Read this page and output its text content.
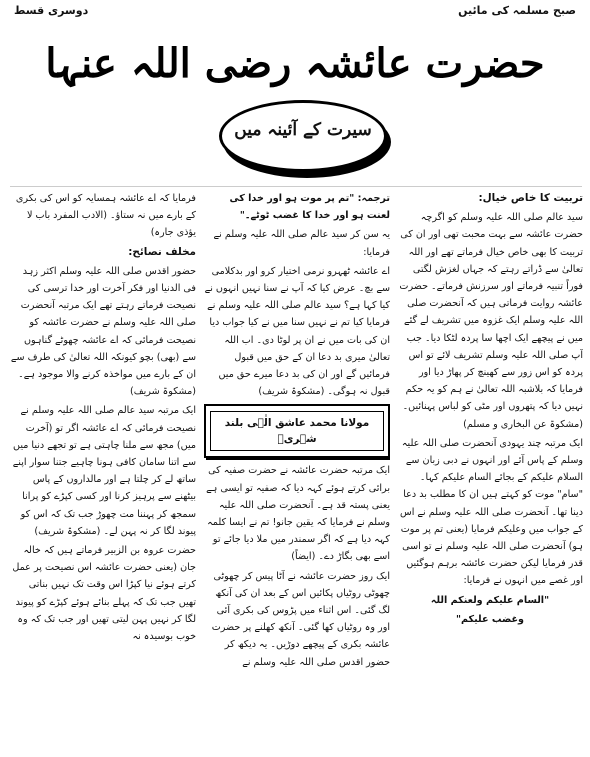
صبح مسلمہ کی مائیں
دوسری قسط
حضرت عائشہ رضی اللہ عنہا
سیرت کے آئینہ میں
تربیت کا خاص خیال:

سید عالم صلی اللہ علیہ وسلم کو اگرچہ حضرت عائشہ سے بہت محبت تھی اور ان کی تربیت کا بھی خاص خیال فرماتے تھے اور اللہ تعالیٰ سے ڈراتے رہتے کہ جہاں لغزش لگتی فوراً تنبیہ فرماتے اور سرزنش فرماتے۔ حضرت عائشہ روایت فرماتی ہیں کہ آنحضرت صلی اللہ علیہ وسلم ایک غزوہ میں تشریف لے گئے میں نے پیچھے ایک اچھا سا پردہ لٹکا دیا۔ جب آپ صلی اللہ علیہ وسلم تشریف لائے تو اس پردہ کو اس زور سے کھینچ کر پھاڑ دیا اور فرمایا کہ بلاشبہ اللہ تعالیٰ نے ہم کو یہ حکم نہیں دیا کہ پتھروں اور مٹی کو لباس پہنائیں۔ (مشکوۃ عن البخاری و مسلم)

ایک مرتبہ چند یہودی آنحضرت صلی اللہ علیہ وسلم کے پاس آئے اور انہوں نے دبی زبان سے السلام علیکم کے بجائے السام علیکم کہا۔ "سام" موت کو کہتے ہیں ان کا مطلب بد دعا دینا تھا۔ آنحضرت صلی اللہ علیہ وسلم نے اس کے جواب میں وعلیکم فرمایا (یعنی تم پر موت ہو) آنحضرت صلی اللہ علیہ وسلم نے تو اسی قدر فرمایا لیکن حضرت عائشہ برہم ہوگئیں اور غصے میں انہوں نے فرمایا:

"السام علیکم ولعنکم اللہ

وغضب علیکم"

ترجمہ: "تم پر موت ہو اور خدا کی لعنت ہو اور خدا کا غضب ٹوٹے۔"

یہ سن کر سید عالم صلی اللہ علیہ وسلم نے فرمایا:

اے عائشہ ٹھہرو نرمی اختیار کرو اور بدکلامی سے بچ۔ عرض کیا کہ آپ نے سنا نہیں انہوں نے کیا کہا ہے؟ سید عالم صلی اللہ علیہ وسلم نے فرمایا کیا تم نے نہیں سنا میں نے کیا جواب دیا ان کی بات میں نے ان پر لوٹا دی۔ اب اللہ تعالیٰ میری بد دعا ان کے حق میں قبول فرمائیں گے اور ان کی بد دعا میرے حق میں قبول نہ ہوگی۔ (مشکوۃ شریف)

مولانا محمد عاشق الٰہی بلند شہریؒ

ایک مرتبہ حضرت عائشہ نے حضرت صفیہ کی برائی کرتے ہوئے کہہ دیا کہ صفیہ تو ایسی ہے یعنی پستہ قد ہے۔ آنحضرت صلی اللہ علیہ وسلم نے فرمایا کہ یقین جانو! تم نے ایسا کلمہ کہہ دیا ہے کہ اگر سمندر میں ملا دیا جائے تو اسے بھی بگاڑ دے۔ (ایضاً)

ایک روز حضرت عائشہ نے آٹا پیس کر چھوٹی چھوٹی روٹیاں پکائیں اس کے بعد ان کی آنکھ لگ گئی۔ اس اثناء میں پڑوس کی بکری آئی اور وہ روٹیاں کھا گئی۔ آنکھ کھلنے پر حضرت عائشہ بکری کے پیچھے دوڑیں۔ یہ دیکھ کر حضور اقدس صلی اللہ علیہ وسلم نے

فرمایا کہ اے عائشہ ہمسایہ کو اس کی بکری کے بارے میں نہ ستاؤ۔ (الادب المفرد باب لا یؤذی جارہ)

مخلف نصائح:

حضور اقدس صلی اللہ علیہ وسلم اکثر زہد فی الدنیا اور فکر آخرت اور خدا ترسی کی نصیحت فرماتے رہتے تھے ایک مرتبہ آنحضرت صلی اللہ علیہ وسلم نے حضرت عائشہ کو نصیحت فرمائی کہ اے عائشہ چھوٹے گناہوں سے (بھی) بچو کیونکہ اللہ تعالیٰ کی طرف سے ان کے بارے میں مواخذہ کرنے والا موجود ہے۔ (مشکوۃ شریف)

ایک مرتبہ سید عالم صلی اللہ علیہ وسلم نے نصیحت فرمائی کہ اے عائشہ اگر تو (آخرت میں) مجھ سے ملنا چاہتی ہے تو تجھے دنیا میں سے اتنا سامان کافی ہونا چاہیے جتنا سوار اپنے ساتھ لے کر چلتا ہے اور مالداروں کے پاس بیٹھنے سے پرہیز کرنا اور کسی کپڑے کو پرانا سمجھ کر پہننا مت چھوڑ جب تک کہ اس کو پیوند لگا کر نہ پہن لے۔ (مشکوۃ شریف)

حضرت عروہ بن الزبیر فرماتے ہیں کہ خالہ جان (یعنی حضرت عائشہ اس نصیحت پر عمل کرتے ہوئے نیا کپڑا اس وقت تک نہیں بناتی تھیں جب تک کہ پہلے بنائے ہوئے کپڑے کو پیوند لگا کر نہیں پہن لیتی تھیں اور جب تک کہ وہ خوب بوسیدہ نہ
